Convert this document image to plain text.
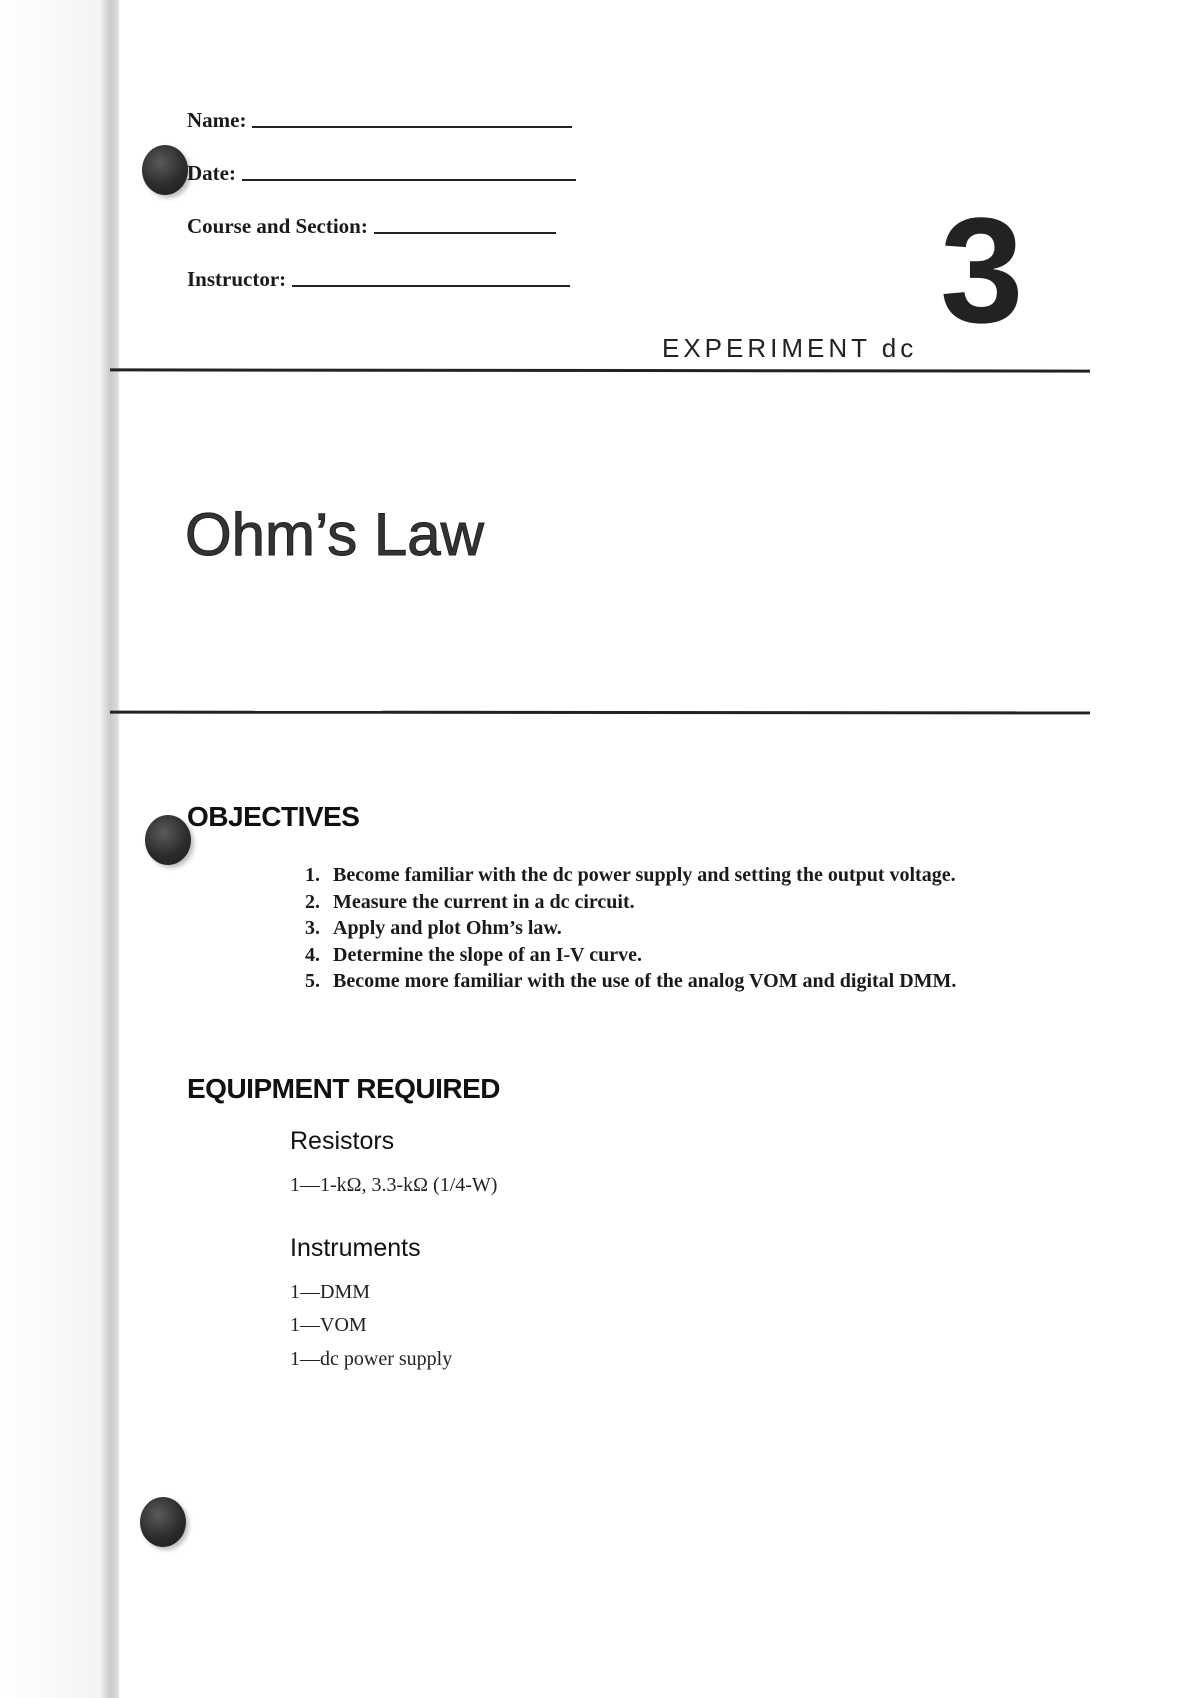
Name:
Date:
Course and Section:
Instructor:
EXPERIMENT dc 3
Ohm’s Law
OBJECTIVES
1. Become familiar with the dc power supply and setting the output voltage.
2. Measure the current in a dc circuit.
3. Apply and plot Ohm’s law.
4. Determine the slope of an I-V curve.
5. Become more familiar with the use of the analog VOM and digital DMM.
EQUIPMENT REQUIRED
Resistors
1—1-kΩ, 3.3-kΩ (1/4-W)
Instruments
1—DMM
1—VOM
1—dc power supply
